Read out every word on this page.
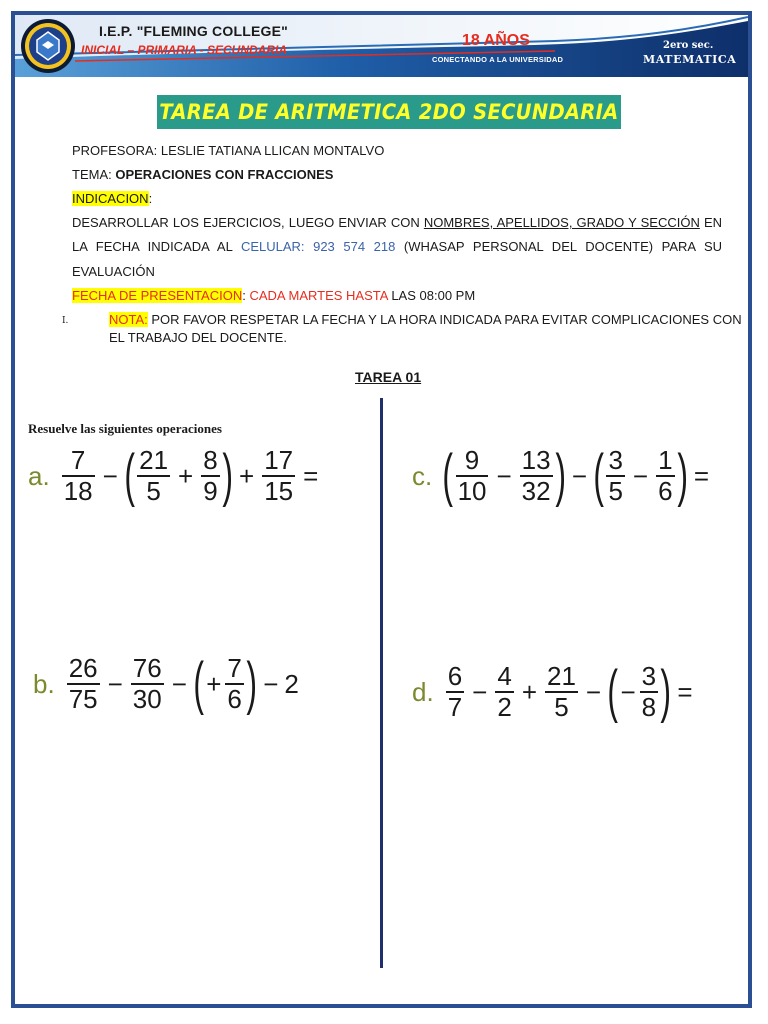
I.E.P. "FLEMING COLLEGE"
INICIAL – PRIMARIA - SECUNDARIA
18 AÑOS
CONECTANDO A LA UNIVERSIDAD
2ero sec.
MATEMATICA
TAREA DE ARITMETICA 2DO SECUNDARIA
PROFESORA: LESLIE TATIANA LLICAN MONTALVO
TEMA: OPERACIONES CON FRACCIONES
INDICACION:
DESARROLLAR LOS EJERCICIOS, LUEGO ENVIAR CON NOMBRES, APELLIDOS, GRADO Y SECCIÓN EN
LA FECHA INDICADA AL CELULAR: 923 574 218 (WHASAP PERSONAL DEL DOCENTE) PARA SU
EVALUACIÓN
FECHA DE PRESENTACION: CADA MARTES HASTA LAS 08:00 PM
I.	NOTA: POR FAVOR RESPETAR LA FECHA Y LA HORA INDICADA PARA EVITAR COMPLICACIONES CON
EL TRABAJO DEL DOCENTE.
TAREA 01
Resuelve las siguientes operaciones
a. $\frac{7}{18}$ − ( $\frac{21}{5} + \frac{8}{9}$ ) + $\frac{17}{15}$ =	c. ( $\frac{9}{10} - \frac{13}{32}$ ) − ( $\frac{3}{5} - \frac{1}{6}$ ) =
b. $\frac{26}{75} - \frac{76}{30}$ − ( + $\frac{7}{6}$ ) − 2	d. $\frac{6}{7} - \frac{4}{2} + \frac{21}{5}$ − ( − $\frac{3}{8}$ ) =
